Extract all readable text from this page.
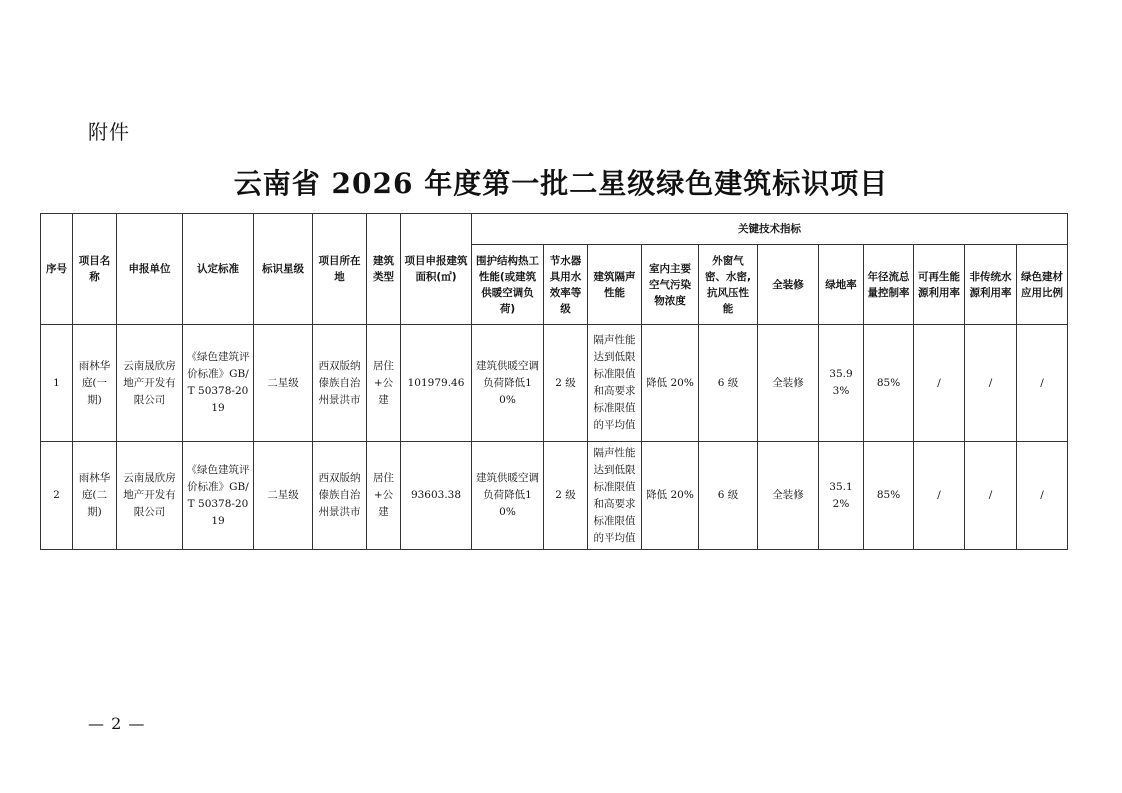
附件
云南省 2026 年度第一批二星级绿色建筑标识项目
序号	项目名称	申报单位	认定标准	标识星级	项目所在地	建筑类型	项目申报建筑面积(㎡)	关键技术指标										
								围护结构热工性能(或建筑供暖空调负荷)	节水器具用水效率等级	建筑隔声性能	室内主要空气污染物浓度	外窗气密、水密,抗风压性能	全装修	绿地率	年径流总量控制率	可再生能源利用率	非传统水源利用率	绿色建材应用比例
1	雨林华庭(一期)	云南晟欣房地产开发有限公司	《绿色建筑评价标准》GB/T 50378-2019	二星级	西双版纳傣族自治州景洪市	居住+公建	101979.46	建筑供暖空调负荷降低10%	2 级	隔声性能达到低限标准限值和高要求标准限值的平均值	降低 20%	6 级	全装修	35.93%	85%	/	/	/
2	雨林华庭(二期)	云南晟欣房地产开发有限公司	《绿色建筑评价标准》GB/T 50378-2019	二星级	西双版纳傣族自治州景洪市	居住+公建	93603.38	建筑供暖空调负荷降低10%	2 级	隔声性能达到低限标准限值和高要求标准限值的平均值	降低 20%	6 级	全装修	35.12%	85%	/	/	/
— 2 —
